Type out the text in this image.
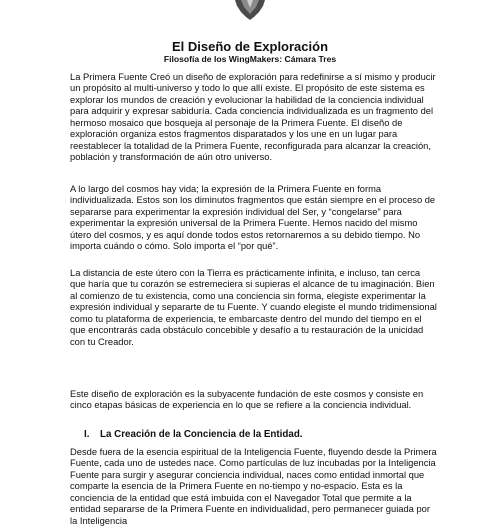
El Diseño de Exploración
Filosofía de los WingMakers: Cámara Tres

La Primera Fuente Creó un diseño de exploración para redefinirse a sí mismo y producir un propósito al multi-universo y todo lo que allí existe. El propósito de este sistema es explorar los mundos de creación y evolucionar la habilidad de la conciencia individual para adquirir y expresar sabiduría. Cada conciencia individualizada es un fragmento del hermoso mosaico que bosqueja al personaje de la Primera Fuente. El diseño de exploración organiza estos fragmentos disparatados y los une en un lugar para reestablecer la totalidad de la Primera Fuente, reconfigurada para alcanzar la creación, población y transformación de aún otro universo.

A lo largo del cosmos hay vida; la expresión de la Primera Fuente en forma individualizada. Estos son los diminutos fragmentos que están siempre en el proceso de separarse para experimentar la expresión individual del Ser, y “congelarse” para experimentar la expresión universal de la Primera Fuente. Hemos nacido del mismo útero del cosmos, y es aquí donde todos estos retornaremos a su debido tiempo. No importa cuándo o cómo. Solo importa el “por qué”.

La distancia de este útero con la Tierra es prácticamente infinita, e incluso, tan cerca que haría que tu corazón se estremeciera si supieras el alcance de tu imaginación. Bien al comienzo de tu existencia, como una conciencia sin forma, elegiste experimentar la expresión individual y separarte de tu Fuente. Y cuando elegiste el mundo tridimensional como tu plataforma de experiencia, te embarcaste dentro del mundo del tiempo en el que encontrarás cada obstáculo concebible y desafío a tu restauración de la unicidad con tu Creador.

Este diseño de exploración es la subyacente fundación de este cosmos y consiste en cinco etapas básicas de experiencia en lo que se refiere a la conciencia individual.

I. La Creación de la Conciencia de la Entidad.

Desde fuera de la esencia espiritual de la Inteligencia Fuente, fluyendo desde la Primera Fuente, cada uno de ustedes nace. Como partículas de luz incubadas por la Inteligencia Fuente para surgir y asegurar conciencia individual, naces como entidad inmortal que comparte la esencia de la Primera Fuente en no-tiempo y no-espacio. Esta es la conciencia de la entidad que está imbuida con el Navegador Total que permite a la entidad separarse de la Primera Fuente en individualidad, pero permanecer guiada por la Inteligencia
